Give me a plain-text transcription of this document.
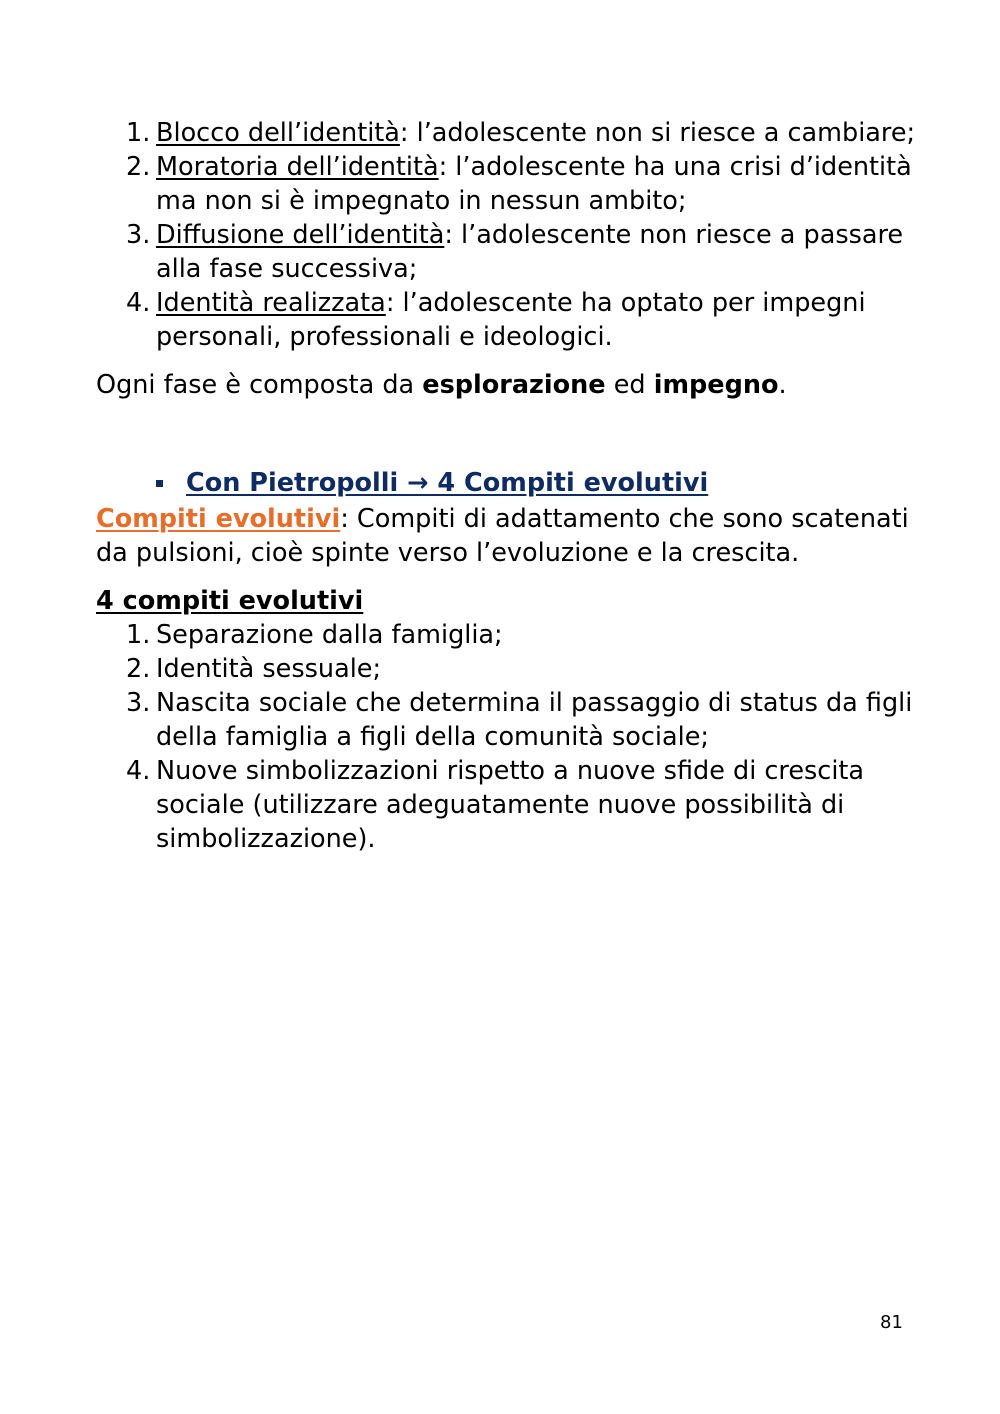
1. Blocco dell’identità: l’adolescente non si riesce a cambiare;
2. Moratoria dell’identità: l’adolescente ha una crisi d’identità ma non si è impegnato in nessun ambito;
3. Diffusione dell’identità: l’adolescente non riesce a passare alla fase successiva;
4. Identità realizzata: l’adolescente ha optato per impegni personali, professionali e ideologici.

Ogni fase è composta da esplorazione ed impegno.

Con Pietropolli → 4 Compiti evolutivi

Compiti evolutivi: Compiti di adattamento che sono scatenati da pulsioni, cioè spinte verso l’evoluzione e la crescita.

4 compiti evolutivi

1. Separazione dalla famiglia;
2. Identità sessuale;
3. Nascita sociale che determina il passaggio di status da figli della famiglia a figli della comunità sociale;
4. Nuove simbolizzazioni rispetto a nuove sfide di crescita sociale (utilizzare adeguatamente nuove possibilità di simbolizzazione).
81
